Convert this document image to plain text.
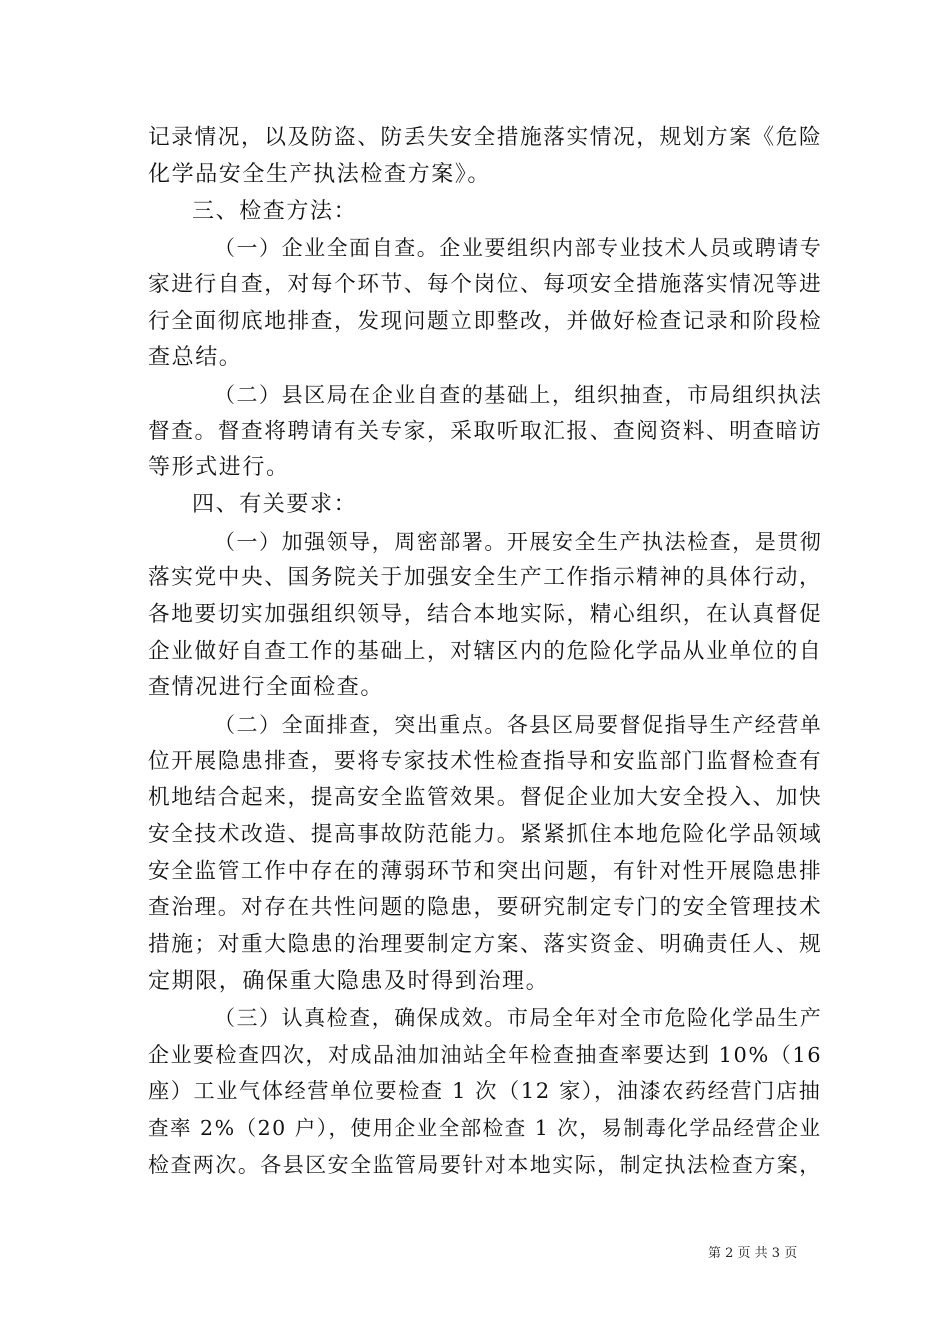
记录情况，以及防盗、防丢失安全措施落实情况，规划方案《危险

化学品安全生产执法检查方案》。

三、检查方法：

（一）企业全面自查。企业要组织内部专业技术人员或聘请专

家进行自查，对每个环节、每个岗位、每项安全措施落实情况等进

行全面彻底地排查，发现问题立即整改，并做好检查记录和阶段检

查总结。

（二）县区局在企业自查的基础上，组织抽查，市局组织执法

督查。督查将聘请有关专家，采取听取汇报、查阅资料、明查暗访

等形式进行。

四、有关要求：

（一）加强领导，周密部署。开展安全生产执法检查，是贯彻

落实党中央、国务院关于加强安全生产工作指示精神的具体行动，

各地要切实加强组织领导，结合本地实际，精心组织，在认真督促

企业做好自查工作的基础上，对辖区内的危险化学品从业单位的自

查情况进行全面检查。

（二）全面排查，突出重点。各县区局要督促指导生产经营单

位开展隐患排查，要将专家技术性检查指导和安监部门监督检查有

机地结合起来，提高安全监管效果。督促企业加大安全投入、加快

安全技术改造、提高事故防范能力。紧紧抓住本地危险化学品领域

安全监管工作中存在的薄弱环节和突出问题，有针对性开展隐患排

查治理。对存在共性问题的隐患，要研究制定专门的安全管理技术

措施；对重大隐患的治理要制定方案、落实资金、明确责任人、规

定期限，确保重大隐患及时得到治理。

（三）认真检查，确保成效。市局全年对全市危险化学品生产

企业要检查四次，对成品油加油站全年检查抽查率要达到 10%（16

座）工业气体经营单位要检查 1 次（12 家），油漆农药经营门店抽

查率 2%（20 户），使用企业全部检查 1 次，易制毒化学品经营企业

检查两次。各县区安全监管局要针对本地实际，制定执法检查方案，

第 2 页 共 3 页
